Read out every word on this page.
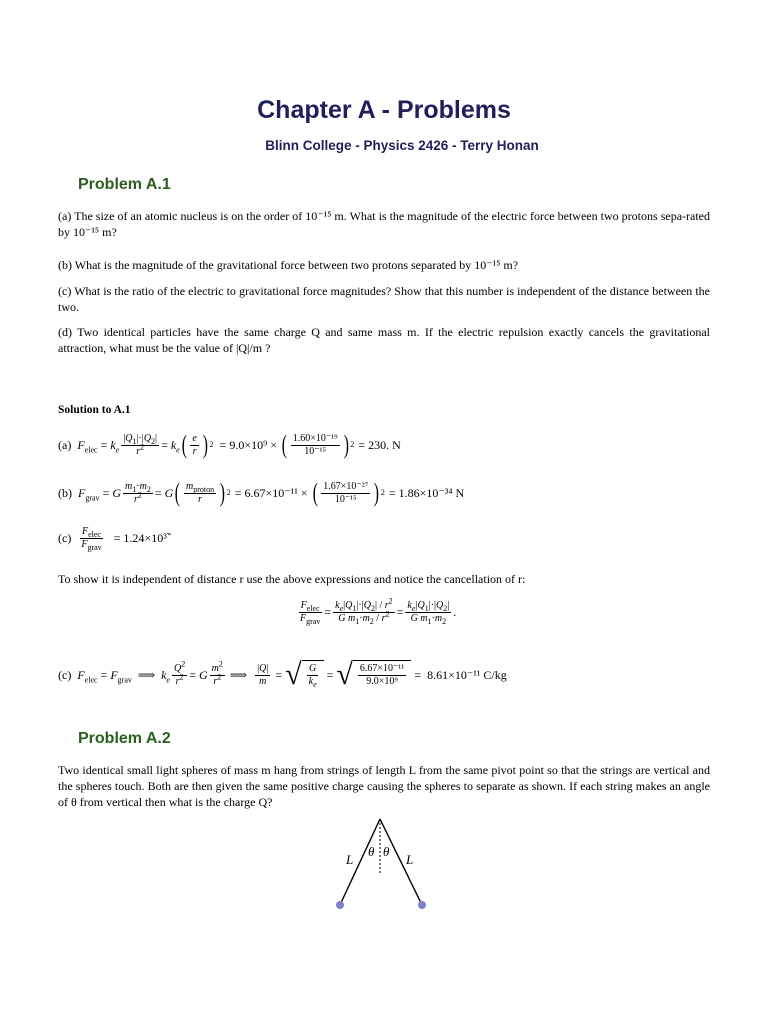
Chapter A - Problems
Blinn College - Physics 2426 - Terry Honan
Problem A.1
(a) The size of an atomic nucleus is on the order of 10⁻¹⁵ m. What is the magnitude of the electric force between two protons sepa-rated by 10⁻¹⁵ m?
(b) What is the magnitude of the gravitational force between two protons separated by 10⁻¹⁵ m?
(c) What is the ratio of the electric to gravitational force magnitudes? Show that this number is independent of the distance between the two.
(d) Two identical particles have the same charge Q and same mass m. If the electric repulsion exactly cancels the gravitational attraction, what must be the value of |Q|/m ?
Solution to A.1
(a) $F_{elec} = k_e \frac{|Q_1|\cdot|Q_2|}{r^2} = k_e$ ( $\frac{e}{r}$ ) 2 = 9.0×10⁹ × ( $\frac{\text{1.60×10⁻¹⁹}}{\text{10⁻¹⁵}}$ ) 2 = 230. N
(b) $F_{grav} = G \frac{m_1\cdot m_2}{r^2} = G$ ( $\frac{m_{proton}}{r}$ ) 2 = 6.67×10⁻¹¹ × ( $\frac{\text{1.67×10⁻²⁷}}{\text{10⁻¹⁵}}$ ) 2 = 1.86×10⁻³⁴ N
$(c) \frac{F_{elec}}{F_{grav}}$ = 1.24×10³‶
To show it is independent of distance r use the above expressions and notice the cancellation of r:
$\frac{F_{elec}}{F_{grav}} = \frac{k_e|Q_1|\cdot|Q_2| / r^2}{G m_1\cdot m_2 / r^2} = \frac{k_e|Q_1|\cdot|Q_2|}{G m_1\cdot m_2}$ .
(c) $F_{elec} = F_{grav}$  ⟹  $k_e \frac{Q^2}{r^2} = G \frac{m^2}{r^2}$ ⟹ $\frac{|Q|}{m}$ = √ $\frac{G}{k_e}$ = √ $\frac{\text{6.67×10⁻¹¹}}{\text{9.0×10⁹}} = 8.61\times 10^{-11}$ C/kg
Problem A.2
Two identical small light spheres of mass m hang from strings of length L from the same pivot point so that the strings are vertical and the spheres touch. Both are then given the same positive charge causing the spheres to separate as shown. If each string makes an angle of θ from vertical then what is the charge Q?
L	L
θ θ
